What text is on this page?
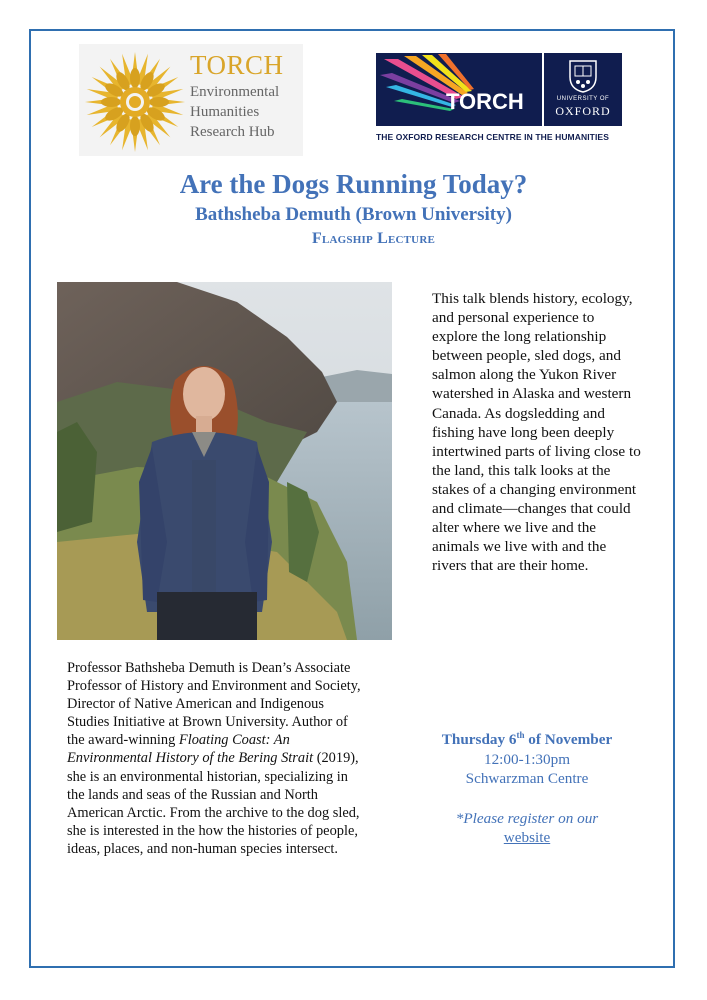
TORCH
Environmental
Humanities
Research Hub
TORCH	UNIVERSITY OF
OXFORD
THE OXFORD RESEARCH CENTRE IN THE HUMANITIES
Are the Dogs Running Today?
Bathsheba Demuth (Brown University)
Flagship Lecture

This talk blends history, ecology, and personal experience to explore the long relationship between people, sled dogs, and salmon along the Yukon River watershed in Alaska and western Canada. As dogsledding and fishing have long been deeply intertwined parts of living close to the land, this talk looks at the stakes of a changing environment and climate—changes that could alter where we live and the animals we live with and the rivers that are their home.

Professor Bathsheba Demuth is Dean’s Associate Professor of History and Environment and Society, Director of Native American and Indigenous Studies Initiative at Brown University. Author of the award-winning Floating Coast: An Environmental History of the Bering Strait (2019), she is an environmental historian, specializing in the lands and seas of the Russian and North American Arctic. From the archive to the dog sled, she is interested in the how the histories of people, ideas, places, and non-human species intersect.

Thursday 6th of November
12:00-1:30pm
Schwarzman Centre
*Please register on our
website
